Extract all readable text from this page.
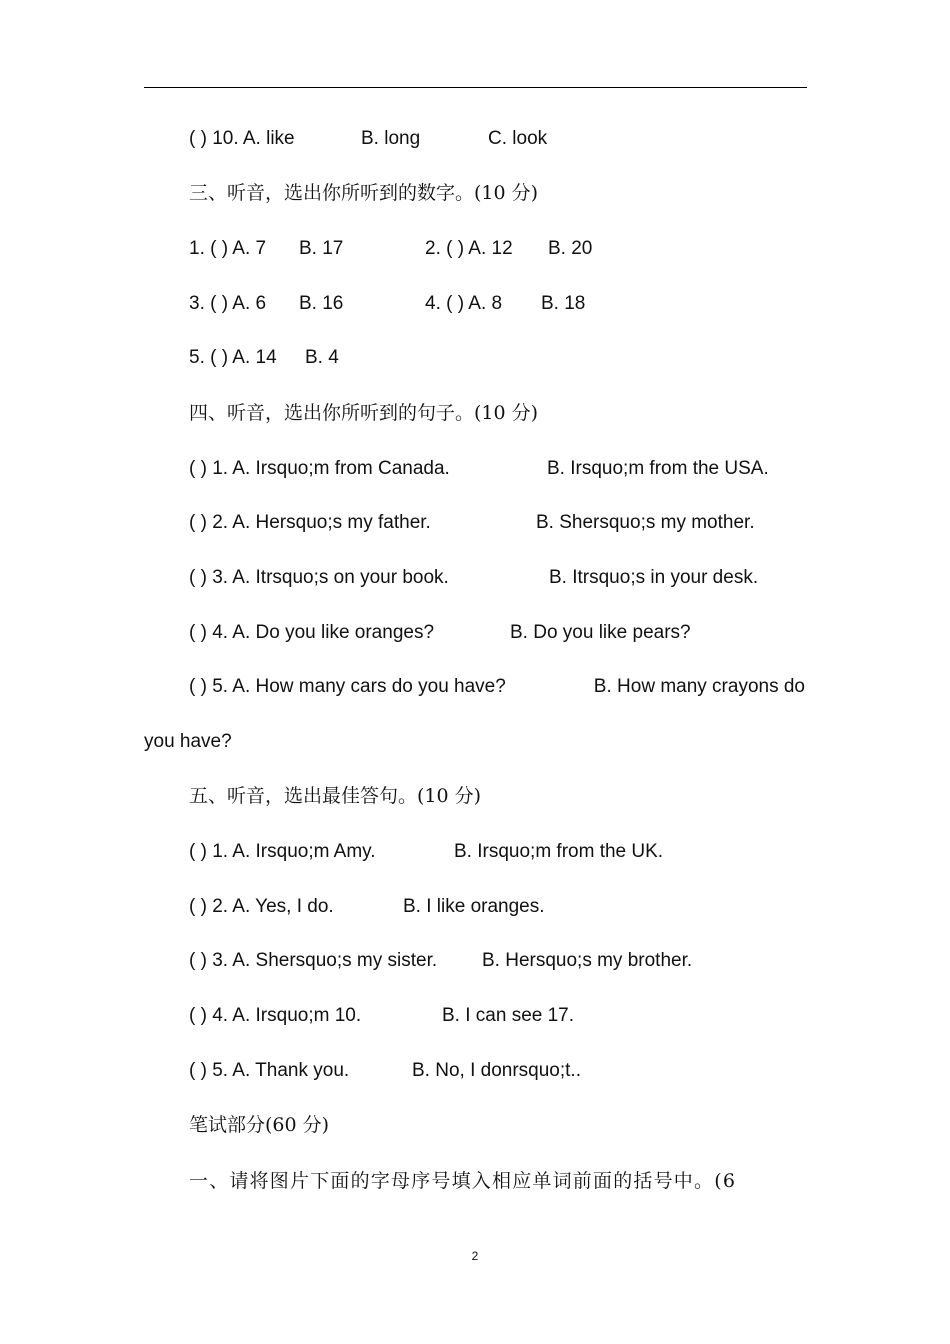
( ) 10. A. like	B. long	C. look
三、听音，选出你所听到的数字。(10 分)
1. ( ) A. 7 B. 17	2. ( ) A. 12 B. 20
3. ( ) A. 6 B. 16	4. ( ) A. 8 B. 18
5. ( ) A. 14 B. 4
四、听音，选出你所听到的句子。(10 分)
( ) 1. A. Irsquo;m from Canada.	B. Irsquo;m from the USA.
( ) 2. A. Hersquo;s my father.	B. Shersquo;s my mother.
( ) 3. A. Itrsquo;s on your book.	B. Itrsquo;s in your desk.
( ) 4. A. Do you like oranges?	B. Do you like pears?
( ) 5. A. How many cars do you have?	B. How many crayons do
you have?
五、听音，选出最佳答句。(10 分)
( ) 1. A. Irsquo;m Amy.	B. Irsquo;m from the UK.
( ) 2. A. Yes, I do.	B. I like oranges.
( ) 3. A. Shersquo;s my sister. B. Hersquo;s my brother.
( ) 4. A. Irsquo;m 10.	B. I can see 17.
( ) 5. A. Thank you.	B. No, I donrsquo;t..
笔试部分(60 分)
一、请将图片下面的字母序号填入相应单词前面的括号中。(6
2
